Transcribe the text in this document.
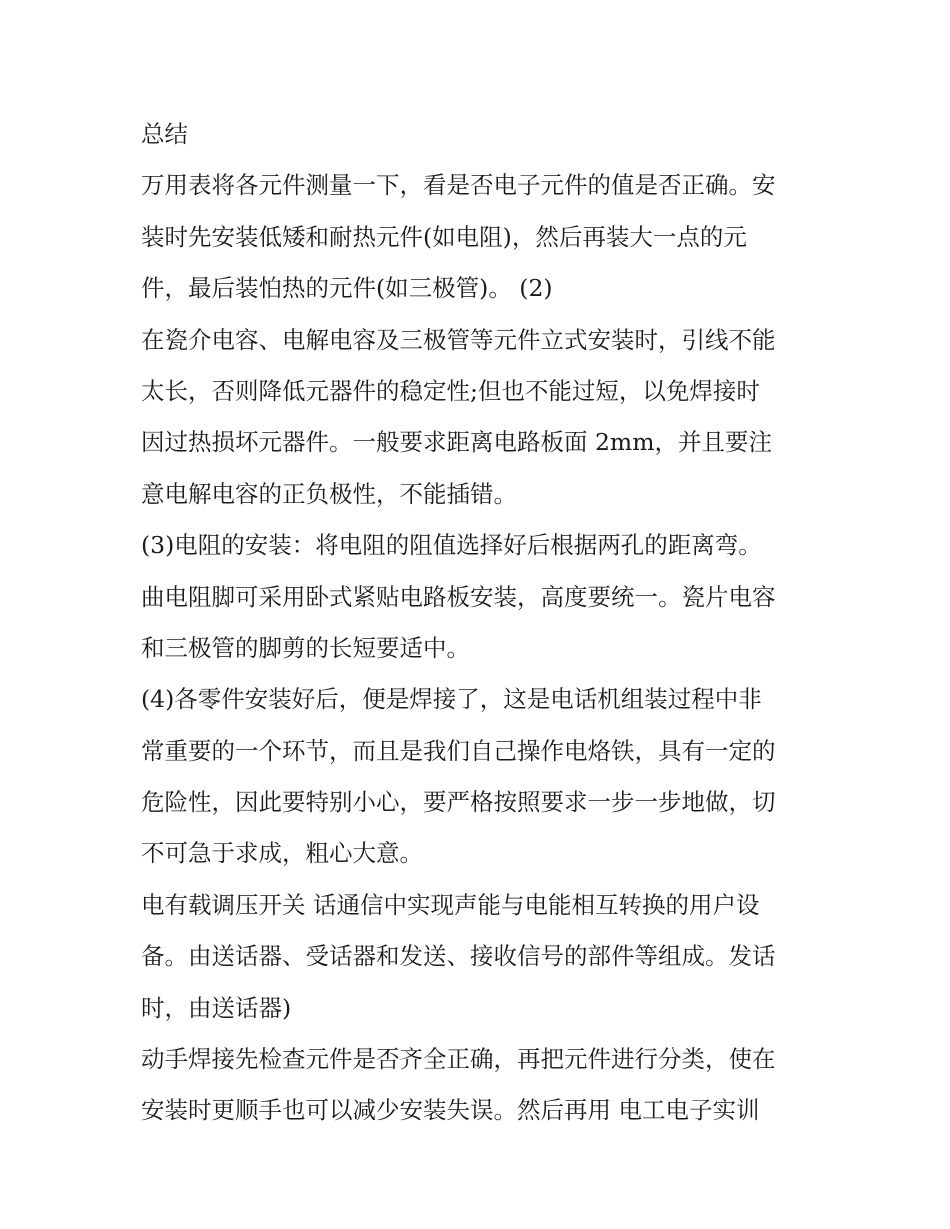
总结
万用表将各元件测量一下，看是否电子元件的值是否正确。安
装时先安装低矮和耐热元件(如电阻)，然后再装大一点的元
件，最后装怕热的元件(如三极管)。 (2)
在瓷介电容、电解电容及三极管等元件立式安装时，引线不能
太长，否则降低元器件的稳定性;但也不能过短，以免焊接时
因过热损坏元器件。一般要求距离电路板面 2mm，并且要注
意电解电容的正负极性，不能插错。
(3)电阻的安装：将电阻的阻值选择好后根据两孔的距离弯。
曲电阻脚可采用卧式紧贴电路板安装，高度要统一。瓷片电容
和三极管的脚剪的长短要适中。
(4)各零件安装好后，便是焊接了，这是电话机组装过程中非
常重要的一个环节，而且是我们自己操作电烙铁，具有一定的
危险性，因此要特别小心，要严格按照要求一步一步地做，切
不可急于求成，粗心大意。
电有载调压开关 话通信中实现声能与电能相互转换的用户设
备。由送话器、受话器和发送、接收信号的部件等组成。发话
时，由送话器)
动手焊接先检查元件是否齐全正确，再把元件进行分类，使在
安装时更顺手也可以减少安装失误。然后再用 电工电子实训
